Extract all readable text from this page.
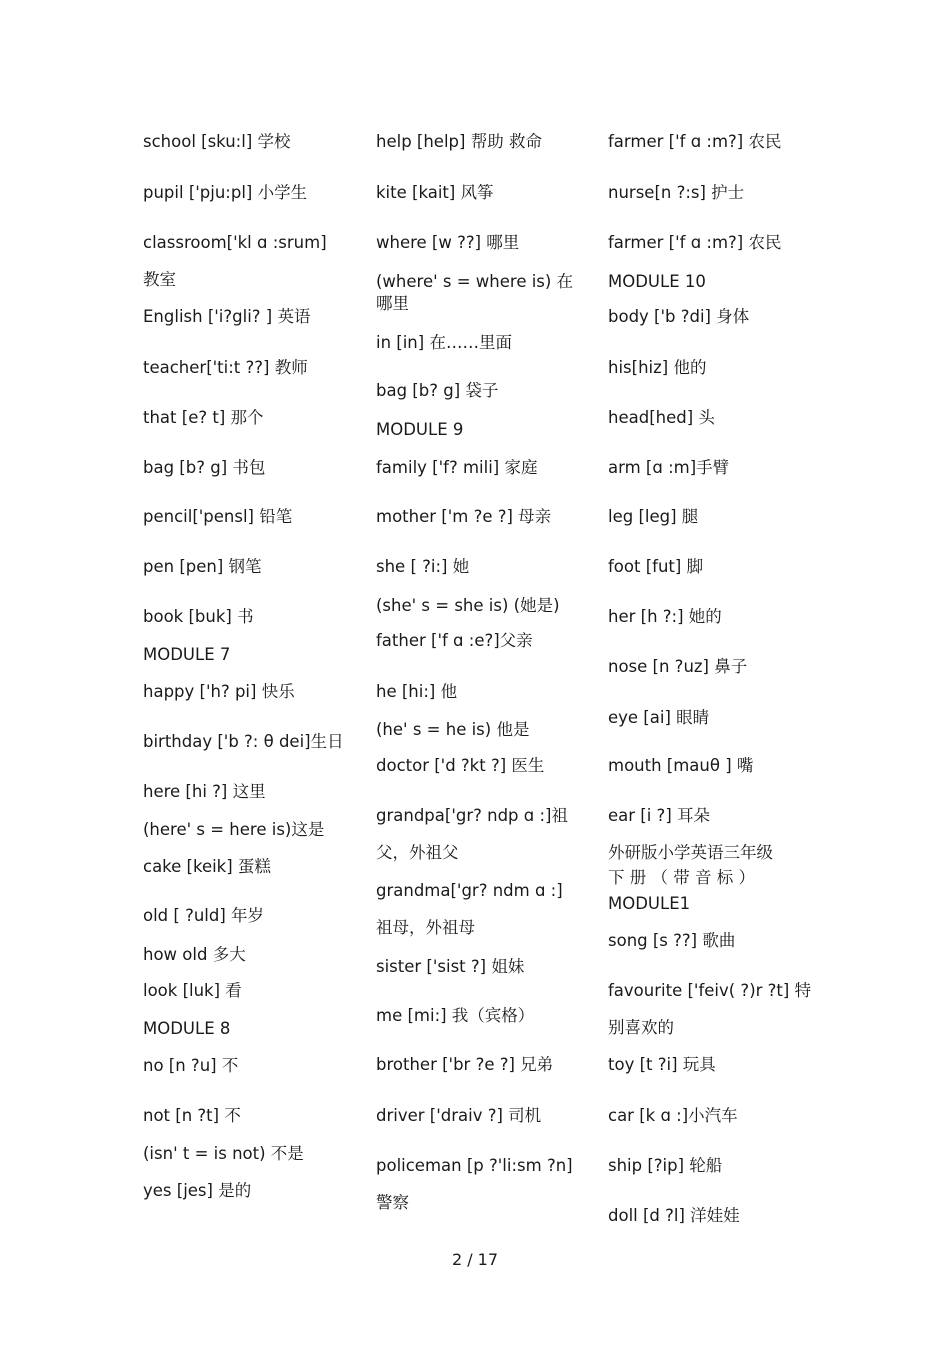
school [sku:l] 学校
pupil ['pju:pl] 小学生
classroom['kl ɑ :srum]
教室
English ['i?gli? ] 英语
teacher['ti:t ??] 教师
that [e? t] 那个
bag [b? g] 书包
pencil['pensl] 铅笔
pen [pen] 钢笔
book [buk] 书
MODULE 7
happy ['h? pi] 快乐
birthday ['b ?: θ dei]生日
here [hi ?] 这里
(here' s = here is)这是
cake [keik] 蛋糕
old [ ?uld] 年岁
how old 多大
look [luk] 看
MODULE 8
no [n ?u] 不
not [n ?t] 不
(isn' t = is not) 不是
yes [jes] 是的
help [help] 帮助 救命
kite [kait] 风筝
where [w ??] 哪里
(where' s = where is) 在
哪里
in [in] 在……里面
bag [b? g] 袋子
MODULE 9
family ['f? mili] 家庭
mother ['m ?e ?] 母亲
she [ ?i:] 她
(she' s = she is) (她是)
father ['f ɑ :e?]父亲
he [hi:] 他
(he' s = he is) 他是
doctor ['d ?kt ?] 医生
grandpa['gr? ndp ɑ :]祖
父，外祖父
grandma['gr? ndm ɑ :]
祖母，外祖母
sister ['sist ?] 姐妹
me [mi:] 我（宾格）
brother ['br ?e ?] 兄弟
driver ['draiv ?] 司机
policeman [p ?'li:sm ?n]
警察
farmer ['f ɑ :m?] 农民
nurse[n ?:s] 护士
farmer ['f ɑ :m?] 农民
MODULE 10
body ['b ?di] 身体
his[hiz] 他的
head[hed] 头
arm [ɑ :m]手臂
leg [leg] 腿
foot [fut] 脚
her [h ?:] 她的
nose [n ?uz] 鼻子
eye [ai] 眼睛
mouth [mauθ ] 嘴
ear [i ?] 耳朵
外研版小学英语三年级
下 册 （ 带 音 标 ）
MODULE1
song [s ??] 歌曲
favourite ['feiv( ?)r ?t] 特
别喜欢的
toy [t ?i] 玩具
car [k ɑ :]小汽车
ship [?ip] 轮船
doll [d ?l] 洋娃娃
2 / 17
